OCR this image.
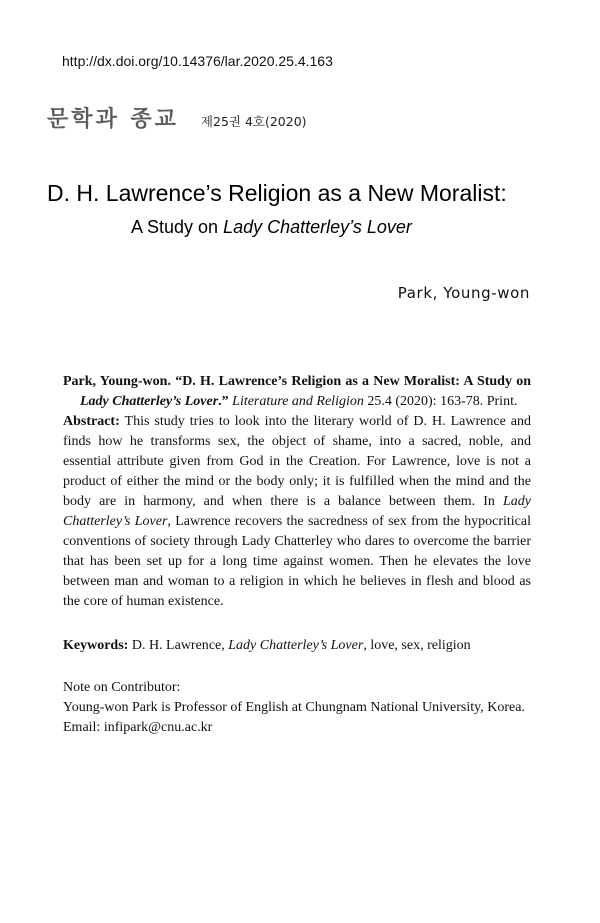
http://dx.doi.org/10.14376/lar.2020.25.4.163
문학과 종교 제25권 4호(2020)
D. H. Lawrence’s Religion as a New Moralist:
A Study on Lady Chatterley’s Lover
Park, Young-won
Park, Young-won. “D. H. Lawrence’s Religion as a New Moralist: A Study on Lady Chatterley’s Lover.” Literature and Religion 25.4 (2020): 163-78. Print.

Abstract: This study tries to look into the literary world of D. H. Lawrence and finds how he transforms sex, the object of shame, into a sacred, noble, and essential attribute given from God in the Creation. For Lawrence, love is not a product of either the mind or the body only; it is fulfilled when the mind and the body are in harmony, and when there is a balance between them. In Lady Chatterley’s Lover, Lawrence recovers the sacredness of sex from the hypocritical conventions of society through Lady Chatterley who dares to overcome the barrier that has been set up for a long time against women. Then he elevates the love between man and woman to a religion in which he believes in flesh and blood as the core of human existence.

Keywords: D. H. Lawrence, Lady Chatterley’s Lover, love, sex, religion
Note on Contributor:
Young-won Park is Professor of English at Chungnam National University, Korea.
Email: infipark@cnu.ac.kr
